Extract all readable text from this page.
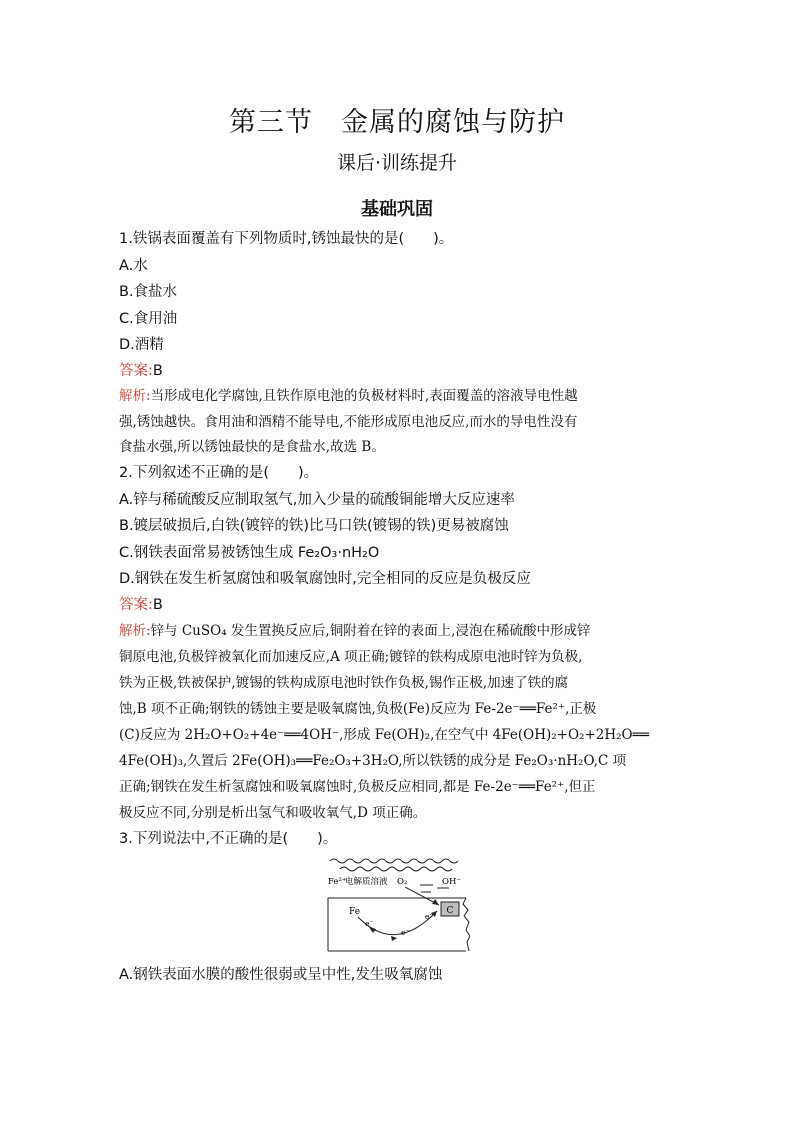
第三节　金属的腐蚀与防护
课后·训练提升
基础巩固
1.铁锅表面覆盖有下列物质时,锈蚀最快的是(　　)。
A.水
B.食盐水
C.食用油
D.酒精
答案:B
解析:当形成电化学腐蚀,且铁作原电池的负极材料时,表面覆盖的溶液导电性越
强,锈蚀越快。食用油和酒精不能导电,不能形成原电池反应,而水的导电性没有
食盐水强,所以锈蚀最快的是食盐水,故选 B。
2.下列叙述不正确的是(　　)。
A.锌与稀硫酸反应制取氢气,加入少量的硫酸铜能增大反应速率
B.镀层破损后,白铁(镀锌的铁)比马口铁(镀锡的铁)更易被腐蚀
C.钢铁表面常易被锈蚀生成 Fe₂O₃·nH₂O
D.钢铁在发生析氢腐蚀和吸氧腐蚀时,完全相同的反应是负极反应
答案:B
解析:锌与 CuSO₄ 发生置换反应后,铜附着在锌的表面上,浸泡在稀硫酸中形成锌
铜原电池,负极锌被氧化而加速反应,A 项正确;镀锌的铁构成原电池时锌为负极,
铁为正极,铁被保护,镀锡的铁构成原电池时铁作负极,锡作正极,加速了铁的腐
蚀,B 项不正确;钢铁的锈蚀主要是吸氧腐蚀,负极(Fe)反应为 Fe-2e⁻══Fe²⁺,正极
(C)反应为 2H₂O+O₂+4e⁻══4OH⁻,形成 Fe(OH)₂,在空气中 4Fe(OH)₂+O₂+2H₂O══
4Fe(OH)₃,久置后 2Fe(OH)₃══Fe₂O₃+3H₂O,所以铁锈的成分是 Fe₂O₃·nH₂O,C 项
正确;钢铁在发生析氢腐蚀和吸氧腐蚀时,负极反应相同,都是 Fe-2e⁻══Fe²⁺,但正
极反应不同,分别是析出氢气和吸收氧气,D 项正确。
3.下列说法中,不正确的是(　　)。
Fe²⁺
电解质溶液 O₂	OH⁻
C
Fe
e⁻
e⁻
e⁻
A.钢铁表面水膜的酸性很弱或呈中性,发生吸氧腐蚀
